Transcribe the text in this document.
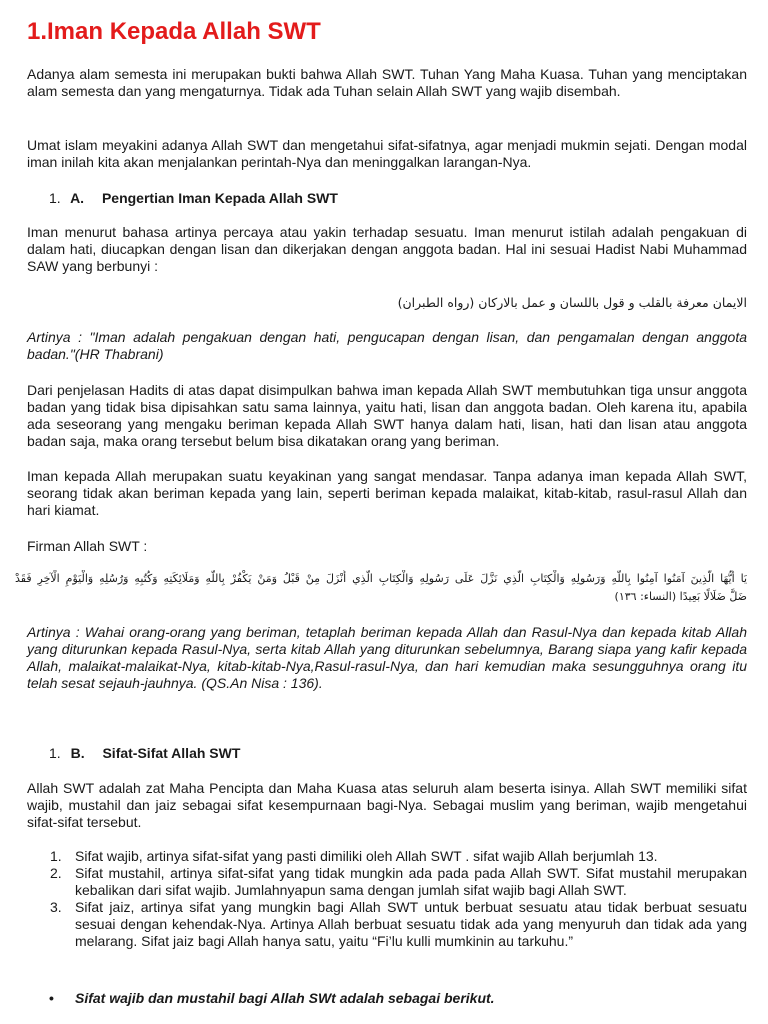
1.Iman Kepada Allah SWT

Adanya alam semesta ini merupakan bukti bahwa Allah SWT. Tuhan Yang Maha Kuasa. Tuhan yang menciptakan alam semesta dan yang mengaturnya. Tidak ada Tuhan selain Allah SWT yang wajib disembah.

Umat islam meyakini adanya Allah SWT dan mengetahui sifat-sifatnya, agar menjadi mukmin sejati. Dengan modal iman inilah kita akan menjalankan perintah-Nya dan meninggalkan larangan-Nya.

1. A. Pengertian Iman Kepada Allah SWT

Iman menurut bahasa artinya percaya atau yakin terhadap sesuatu. Iman menurut istilah adalah pengakuan di dalam hati, diucapkan dengan lisan dan dikerjakan dengan anggota badan. Hal ini sesuai Hadist Nabi Muhammad SAW yang berbunyi :

الايمان معرفة بالقلب و قول باللسان و عمل بالاركان (رواه الطبران)

Artinya : "Iman adalah pengakuan dengan hati, pengucapan dengan lisan, dan pengamalan dengan anggota badan."(HR Thabrani)

Dari penjelasan Hadits di atas dapat disimpulkan bahwa iman kepada Allah SWT membutuhkan tiga unsur anggota badan yang tidak bisa dipisahkan satu sama lainnya, yaitu hati, lisan dan anggota badan. Oleh karena itu, apabila ada seseorang yang mengaku beriman kepada Allah SWT hanya dalam hati, lisan, hati dan lisan atau anggota badan saja, maka orang tersebut belum bisa dikatakan orang yang beriman.

Iman kepada Allah merupakan suatu keyakinan yang sangat mendasar. Tanpa adanya iman kepada Allah SWT, seorang tidak akan beriman kepada yang lain, seperti beriman kepada malaikat, kitab-kitab, rasul-rasul Allah dan hari kiamat.

Firman Allah SWT :

يَا أَيُّهَا الَّذِينَ آمَنُوا آمِنُوا بِاللَّهِ وَرَسُولِهِ وَالْكِتَابِ الَّذِي نَزَّلَ عَلَى رَسُولِهِ وَالْكِتَابِ الَّذِي أَنْزَلَ مِنْ قَبْلُ وَمَنْ يَكْفُرْ بِاللَّهِ وَمَلَائِكَتِهِ وَكُتُبِهِ وَرُسُلِهِ وَالْيَوْمِ الْآخِرِ فَقَدْ
ضَلَّ ضَلَالًا بَعِيدًا (النساء: ١٣٦)

Artinya : Wahai orang-orang yang beriman, tetaplah beriman kepada Allah dan Rasul-Nya dan kepada kitab Allah yang diturunkan kepada Rasul-Nya, serta kitab Allah yang diturunkan sebelumnya, Barang siapa yang kafir kepada Allah, malaikat-malaikat-Nya, kitab-kitab-Nya,Rasul-rasul-Nya, dan hari kemudian maka sesungguhnya orang itu telah sesat sejauh-jauhnya. (QS.An Nisa : 136).

1. B. Sifat-Sifat Allah SWT

Allah SWT adalah zat Maha Pencipta dan Maha Kuasa atas seluruh alam beserta isinya. Allah SWT memiliki sifat wajib, mustahil dan jaiz sebagai sifat kesempurnaan bagi-Nya. Sebagai muslim yang beriman, wajib mengetahui sifat-sifat tersebut.

1. Sifat wajib, artinya sifat-sifat yang pasti dimiliki oleh Allah SWT . sifat wajib Allah berjumlah 13.
2. Sifat mustahil, artinya sifat-sifat yang tidak mungkin ada pada pada Allah SWT. Sifat mustahil merupakan kebalikan dari sifat wajib. Jumlahnyapun sama dengan jumlah sifat wajib bagi Allah SWT.
3. Sifat jaiz, artinya sifat yang mungkin bagi Allah SWT untuk berbuat sesuatu atau tidak berbuat sesuatu sesuai dengan kehendak-Nya. Artinya Allah berbuat sesuatu tidak ada yang menyuruh dan tidak ada yang melarang. Sifat jaiz bagi Allah hanya satu, yaitu “Fi’lu kulli mumkinin au tarkuhu.”
• Sifat wajib dan mustahil bagi Allah SWt adalah sebagai berikut.
